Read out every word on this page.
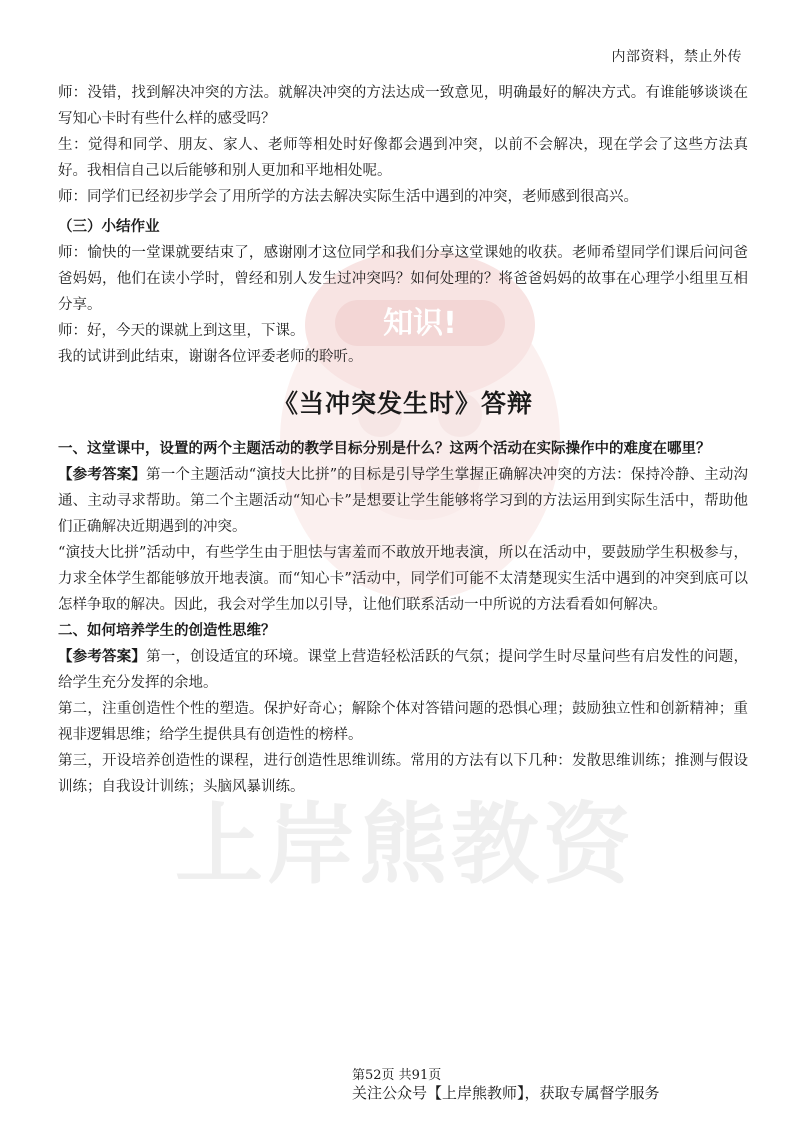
知识!
上岸熊教资
内部资料，禁止外传

师：没错，找到解决冲突的方法。就解决冲突的方法达成一致意见，明确最好的解决方式。有谁能够谈谈在写知心卡时有些什么样的感受吗？

生：觉得和同学、朋友、家人、老师等相处时好像都会遇到冲突，以前不会解决，现在学会了这些方法真好。我相信自己以后能够和别人更加和平地相处呢。

师：同学们已经初步学会了用所学的方法去解决实际生活中遇到的冲突，老师感到很高兴。

（三）小结作业

师：愉快的一堂课就要结束了，感谢刚才这位同学和我们分享这堂课她的收获。老师希望同学们课后问问爸爸妈妈，他们在读小学时，曾经和别人发生过冲突吗？如何处理的？将爸爸妈妈的故事在心理学小组里互相分享。

师：好，今天的课就上到这里，下课。

我的试讲到此结束，谢谢各位评委老师的聆听。

《当冲突发生时》答辩
一、这堂课中，设置的两个主题活动的教学目标分别是什么？这两个活动在实际操作中的难度在哪里？

【参考答案】第一个主题活动“演技大比拼”的目标是引导学生掌握正确解决冲突的方法：保持冷静、主动沟通、主动寻求帮助。第二个主题活动“知心卡”是想要让学生能够将学习到的方法运用到实际生活中，帮助他们正确解决近期遇到的冲突。

“演技大比拼”活动中，有些学生由于胆怯与害羞而不敢放开地表演，所以在活动中，要鼓励学生积极参与，力求全体学生都能够放开地表演。而“知心卡”活动中，同学们可能不太清楚现实生活中遇到的冲突到底可以怎样争取的解决。因此，我会对学生加以引导，让他们联系活动一中所说的方法看看如何解决。

二、如何培养学生的创造性思维？

【参考答案】第一，创设适宜的环境。课堂上营造轻松活跃的气氛；提问学生时尽量问些有启发性的问题，给学生充分发挥的余地。

第二，注重创造性个性的塑造。保护好奇心；解除个体对答错问题的恐惧心理；鼓励独立性和创新精神；重视非逻辑思维；给学生提供具有创造性的榜样。

第三，开设培养创造性的课程，进行创造性思维训练。常用的方法有以下几种：发散思维训练；推测与假设训练；自我设计训练；头脑风暴训练。

第52页 共91页
关注公众号【上岸熊教师】，获取专属督学服务
